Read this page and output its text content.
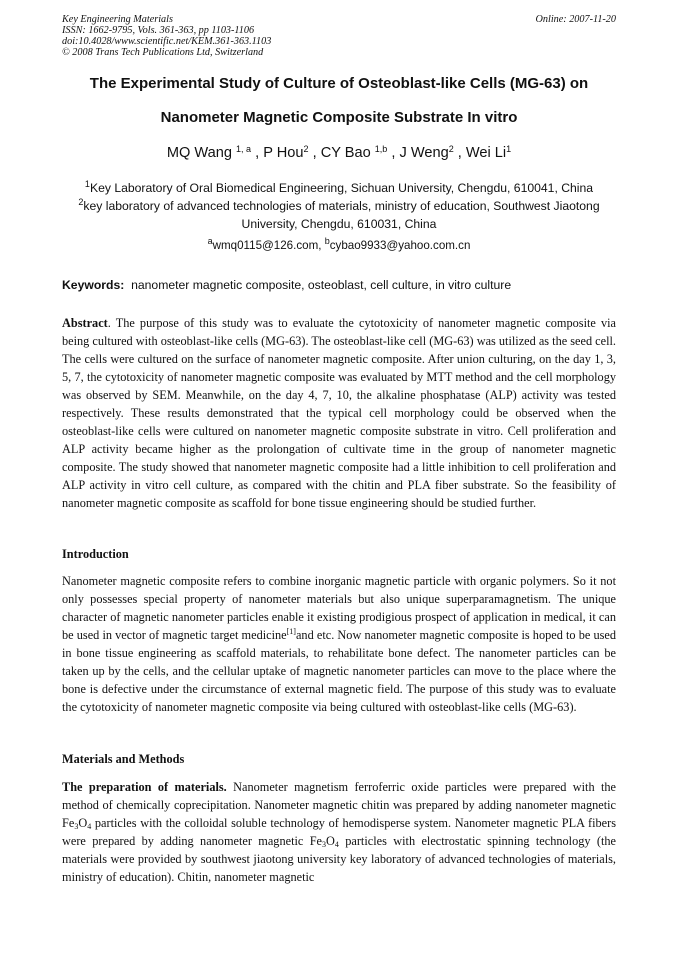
Key Engineering Materials
ISSN: 1662-9795, Vols. 361-363, pp 1103-1106
doi:10.4028/www.scientific.net/KEM.361-363.1103
© 2008 Trans Tech Publications Ltd, Switzerland
Online: 2007-11-20
The Experimental Study of Culture of Osteoblast-like Cells (MG-63) on
Nanometer Magnetic Composite Substrate In vitro
MQ Wang $^{1, a}$ , P Hou$^2$ , CY Bao $^{1,b}$ , J Weng$^2$ , Wei Li$^1$
$^1$Key Laboratory of Oral Biomedical Engineering, Sichuan University, Chengdu, 610041, China
$^2$key laboratory of advanced technologies of materials, ministry of education, Southwest Jiaotong University, Chengdu, 610031, China
$^a$wmq0115@126.com, $^b$cybao9933@yahoo.com.cn
Keywords: nanometer magnetic composite, osteoblast, cell culture, in vitro culture
Abstract. The purpose of this study was to evaluate the cytotoxicity of nanometer magnetic composite via being cultured with osteoblast-like cells (MG-63). The osteoblast-like cell (MG-63) was utilized as the seed cell. The cells were cultured on the surface of nanometer magnetic composite. After union culturing, on the day 1, 3, 5, 7, the cytotoxicity of nanometer magnetic composite was evaluated by MTT method and the cell morphology was observed by SEM. Meanwhile, on the day 4, 7, 10, the alkaline phosphatase (ALP) activity was tested respectively. These results demonstrated that the typical cell morphology could be observed when the osteoblast-like cells were cultured on nanometer magnetic composite substrate in vitro. Cell proliferation and ALP activity became higher as the prolongation of cultivate time in the group of nanometer magnetic composite. The study showed that nanometer magnetic composite had a little inhibition to cell proliferation and ALP activity in vitro cell culture, as compared with the chitin and PLA fiber substrate. So the feasibility of nanometer magnetic composite as scaffold for bone tissue engineering should be studied further.
Introduction
Nanometer magnetic composite refers to combine inorganic magnetic particle with organic polymers. So it not only possesses special property of nanometer materials but also unique superparamagnetism. The unique character of magnetic nanometer particles enable it existing prodigious prospect of application in medical, it can be used in vector of magnetic target medicine[1]and etc. Now nanometer magnetic composite is hoped to be used in bone tissue engineering as scaffold materials, to rehabilitate bone defect. The nanometer particles can be taken up by the cells, and the cellular uptake of magnetic nanometer particles can move to the place where the bone is defective under the circumstance of external magnetic field. The purpose of this study was to evaluate the cytotoxicity of nanometer magnetic composite via being cultured with osteoblast-like cells (MG-63).
Materials and Methods
The preparation of materials. Nanometer magnetism ferroferric oxide particles were prepared with the method of chemically coprecipitation. Nanometer magnetic chitin was prepared by adding nanometer magnetic $Fe_3O_4$ particles with the colloidal soluble technology of hemodisperse system. Nanometer magnetic PLA fibers were prepared by adding nanometer magnetic $Fe_3O_4$ particles with electrostatic spinning technology (the materials were provided by southwest jiaotong university key laboratory of advanced technologies of materials, ministry of education). Chitin, nanometer magnetic
